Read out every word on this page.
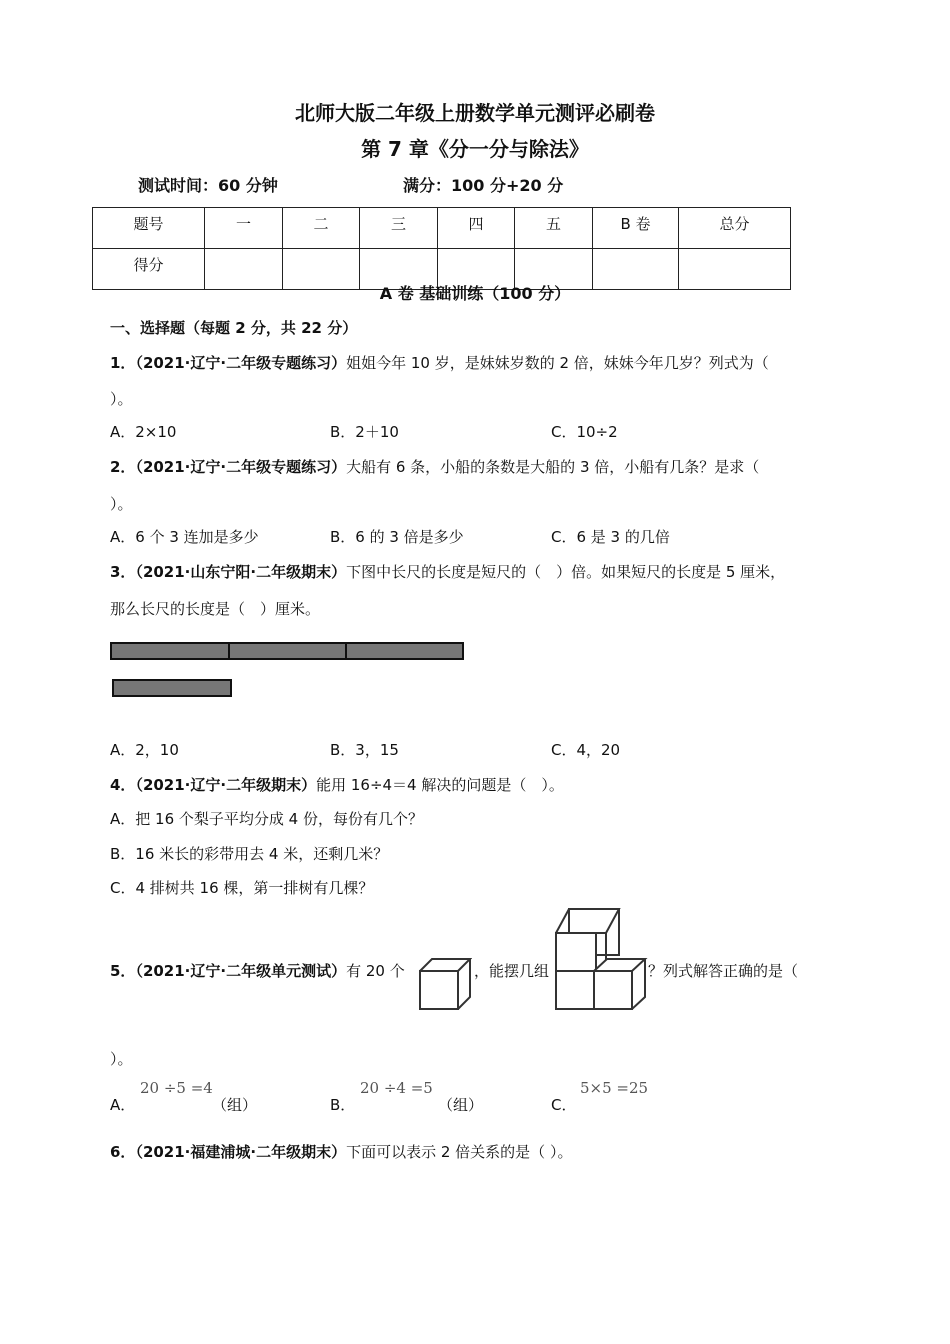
北师大版二年级上册数学单元测评必刷卷
第 7 章《分一分与除法》
测试时间：60 分钟	满分：100 分+20 分
题号	一	二	三	四	五	B 卷	总分
得分							
A 卷 基础训练（100 分）
一、选择题（每题 2 分，共 22 分）
1．（2021·辽宁·二年级专题练习）姐姐今年 10 岁，是妹妹岁数的 2 倍，妹妹今年几岁？列式为（
）。
A．2×10	B．2＋10	C．10÷2
2．（2021·辽宁·二年级专题练习）大船有 6 条，小船的条数是大船的 3 倍，小船有几条？是求（
）。
A．6 个 3 连加是多少	B．6 的 3 倍是多少	C．6 是 3 的几倍
3．（2021·山东宁阳·二年级期末）下图中长尺的长度是短尺的（　）倍。如果短尺的长度是 5 厘米，
那么长尺的长度是（　）厘米。
A．2，10	B．3，15	C．4，20
4．（2021·辽宁·二年级期末）能用 16÷4＝4 解决的问题是（　）。
A．把 16 个梨子平均分成 4 份，每份有几个？
B．16 米长的彩带用去 4 米，还剩几米？
C．4 排树共 16 棵，第一排树有几棵？
5．（2021·辽宁·二年级单元测试）有 20 个	，能摆几组	？列式解答正确的是（
）。
A．
20 ÷5 =4
（组）	B．
20 ÷4 =5
（组）	C．
5×5 =25
6．（2021·福建浦城·二年级期末）下面可以表示 2 倍关系的是（ ）。
